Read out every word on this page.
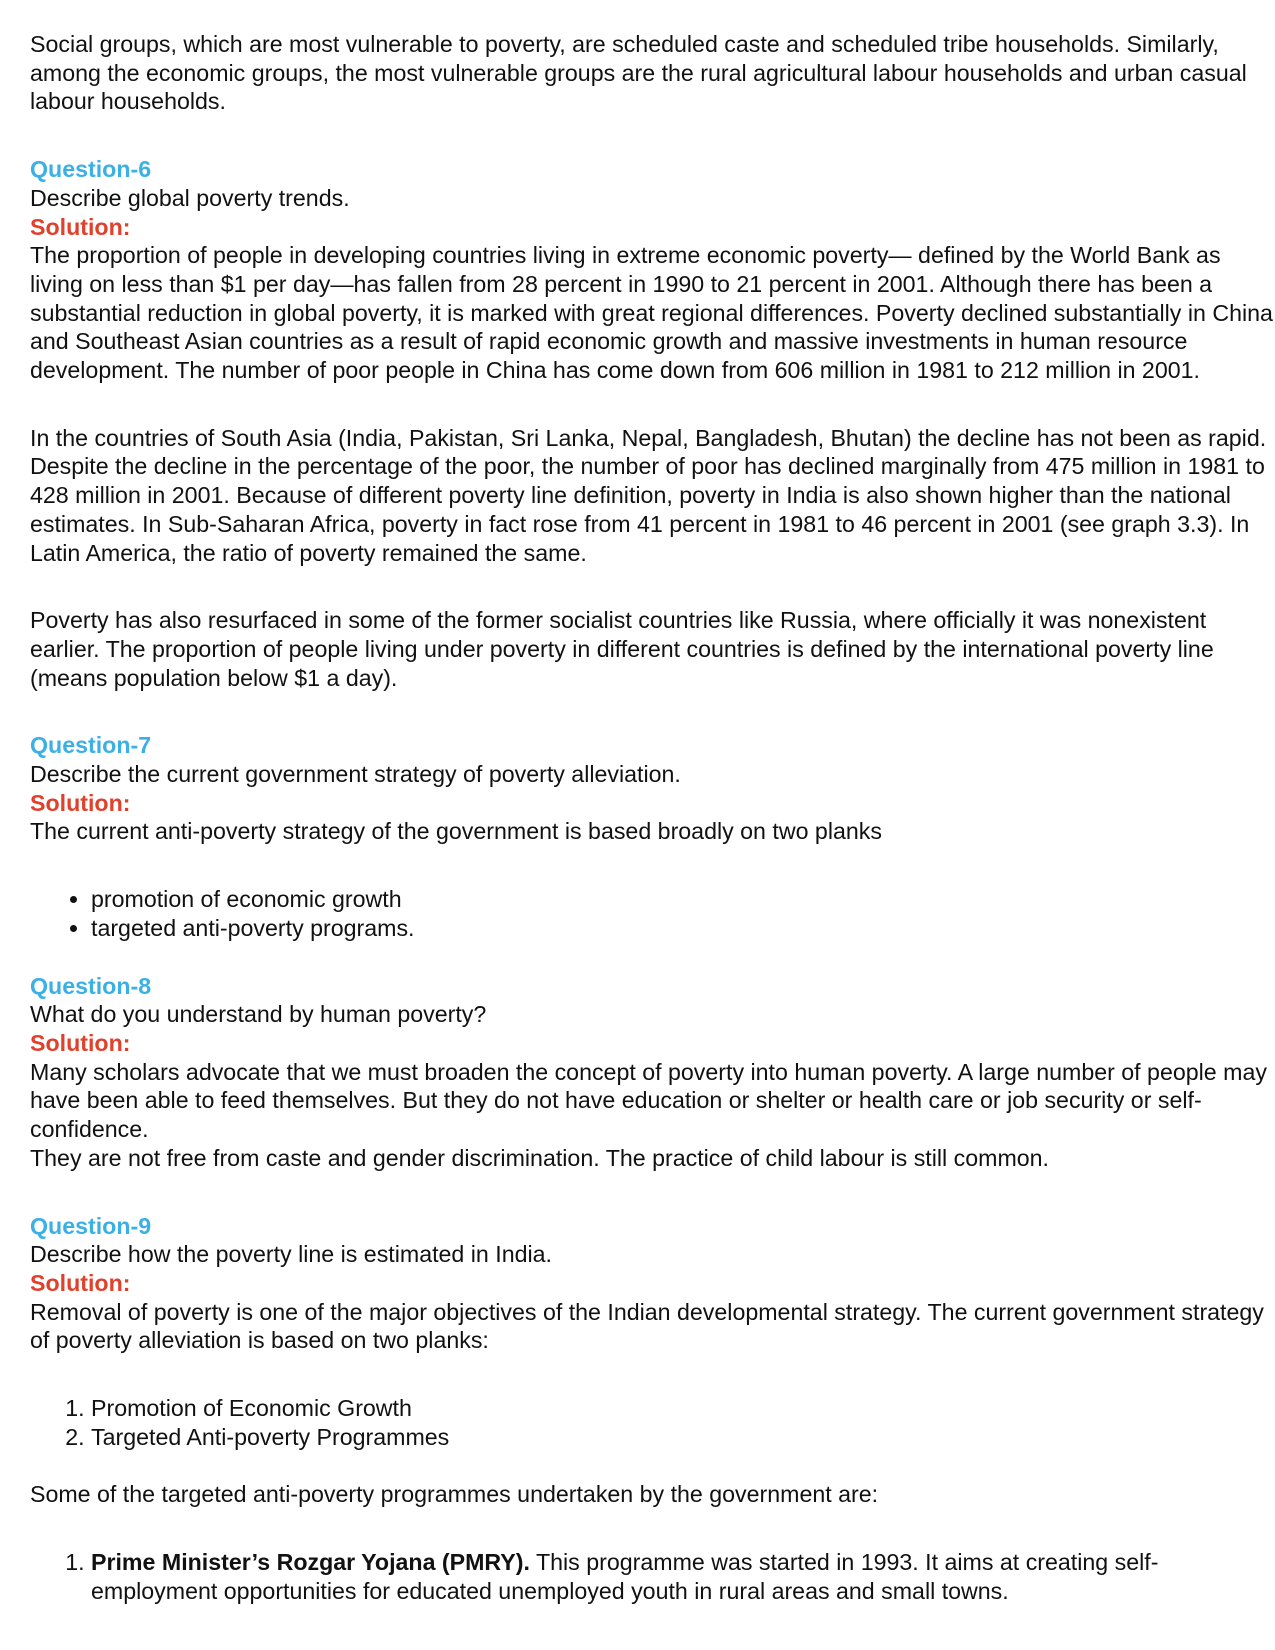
Social groups, which are most vulnerable to poverty, are scheduled caste and scheduled tribe households. Similarly, among the economic groups, the most vulnerable groups are the rural agricultural labour households and urban casual labour households.

Question-6

Describe global poverty trends.

Solution:

The proportion of people in developing countries living in extreme economic poverty— defined by the World Bank as living on less than $1 per day—has fallen from 28 percent in 1990 to 21 percent in 2001. Although there has been a substantial reduction in global poverty, it is marked with great regional differences. Poverty declined substantially in China and Southeast Asian countries as a result of rapid economic growth and massive investments in human resource development. The number of poor people in China has come down from 606 million in 1981 to 212 million in 2001.

In the countries of South Asia (India, Pakistan, Sri Lanka, Nepal, Bangladesh, Bhutan) the decline has not been as rapid. Despite the decline in the percentage of the poor, the number of poor has declined marginally from 475 million in 1981 to 428 million in 2001. Because of different poverty line definition, poverty in India is also shown higher than the national estimates. In Sub-Saharan Africa, poverty in fact rose from 41 percent in 1981 to 46 percent in 2001 (see graph 3.3). In Latin America, the ratio of poverty remained the same.

Poverty has also resurfaced in some of the former socialist countries like Russia, where officially it was nonexistent earlier. The proportion of people living under poverty in different countries is defined by the international poverty line (means population below $1 a day).

Question-7

Describe the current government strategy of poverty alleviation.

Solution:

The current anti-poverty strategy of the government is based broadly on two planks

• promotion of economic growth
• targeted anti-poverty programs.

Question-8

What do you understand by human poverty?

Solution:

Many scholars advocate that we must broaden the concept of poverty into human poverty. A large number of people may have been able to feed themselves. But they do not have education or shelter or health care or job security or self-confidence.

They are not free from caste and gender discrimination. The practice of child labour is still common.

Question-9

Describe how the poverty line is estimated in India.

Solution:

Removal of poverty is one of the major objectives of the Indian developmental strategy. The current government strategy of poverty alleviation is based on two planks:

1. Promotion of Economic Growth
2. Targeted Anti-poverty Programmes

Some of the targeted anti-poverty programmes undertaken by the government are:

1. Prime Minister’s Rozgar Yojana (PMRY). This programme was started in 1993. It aims at creating self-employment opportunities for educated unemployed youth in rural areas and small towns.
